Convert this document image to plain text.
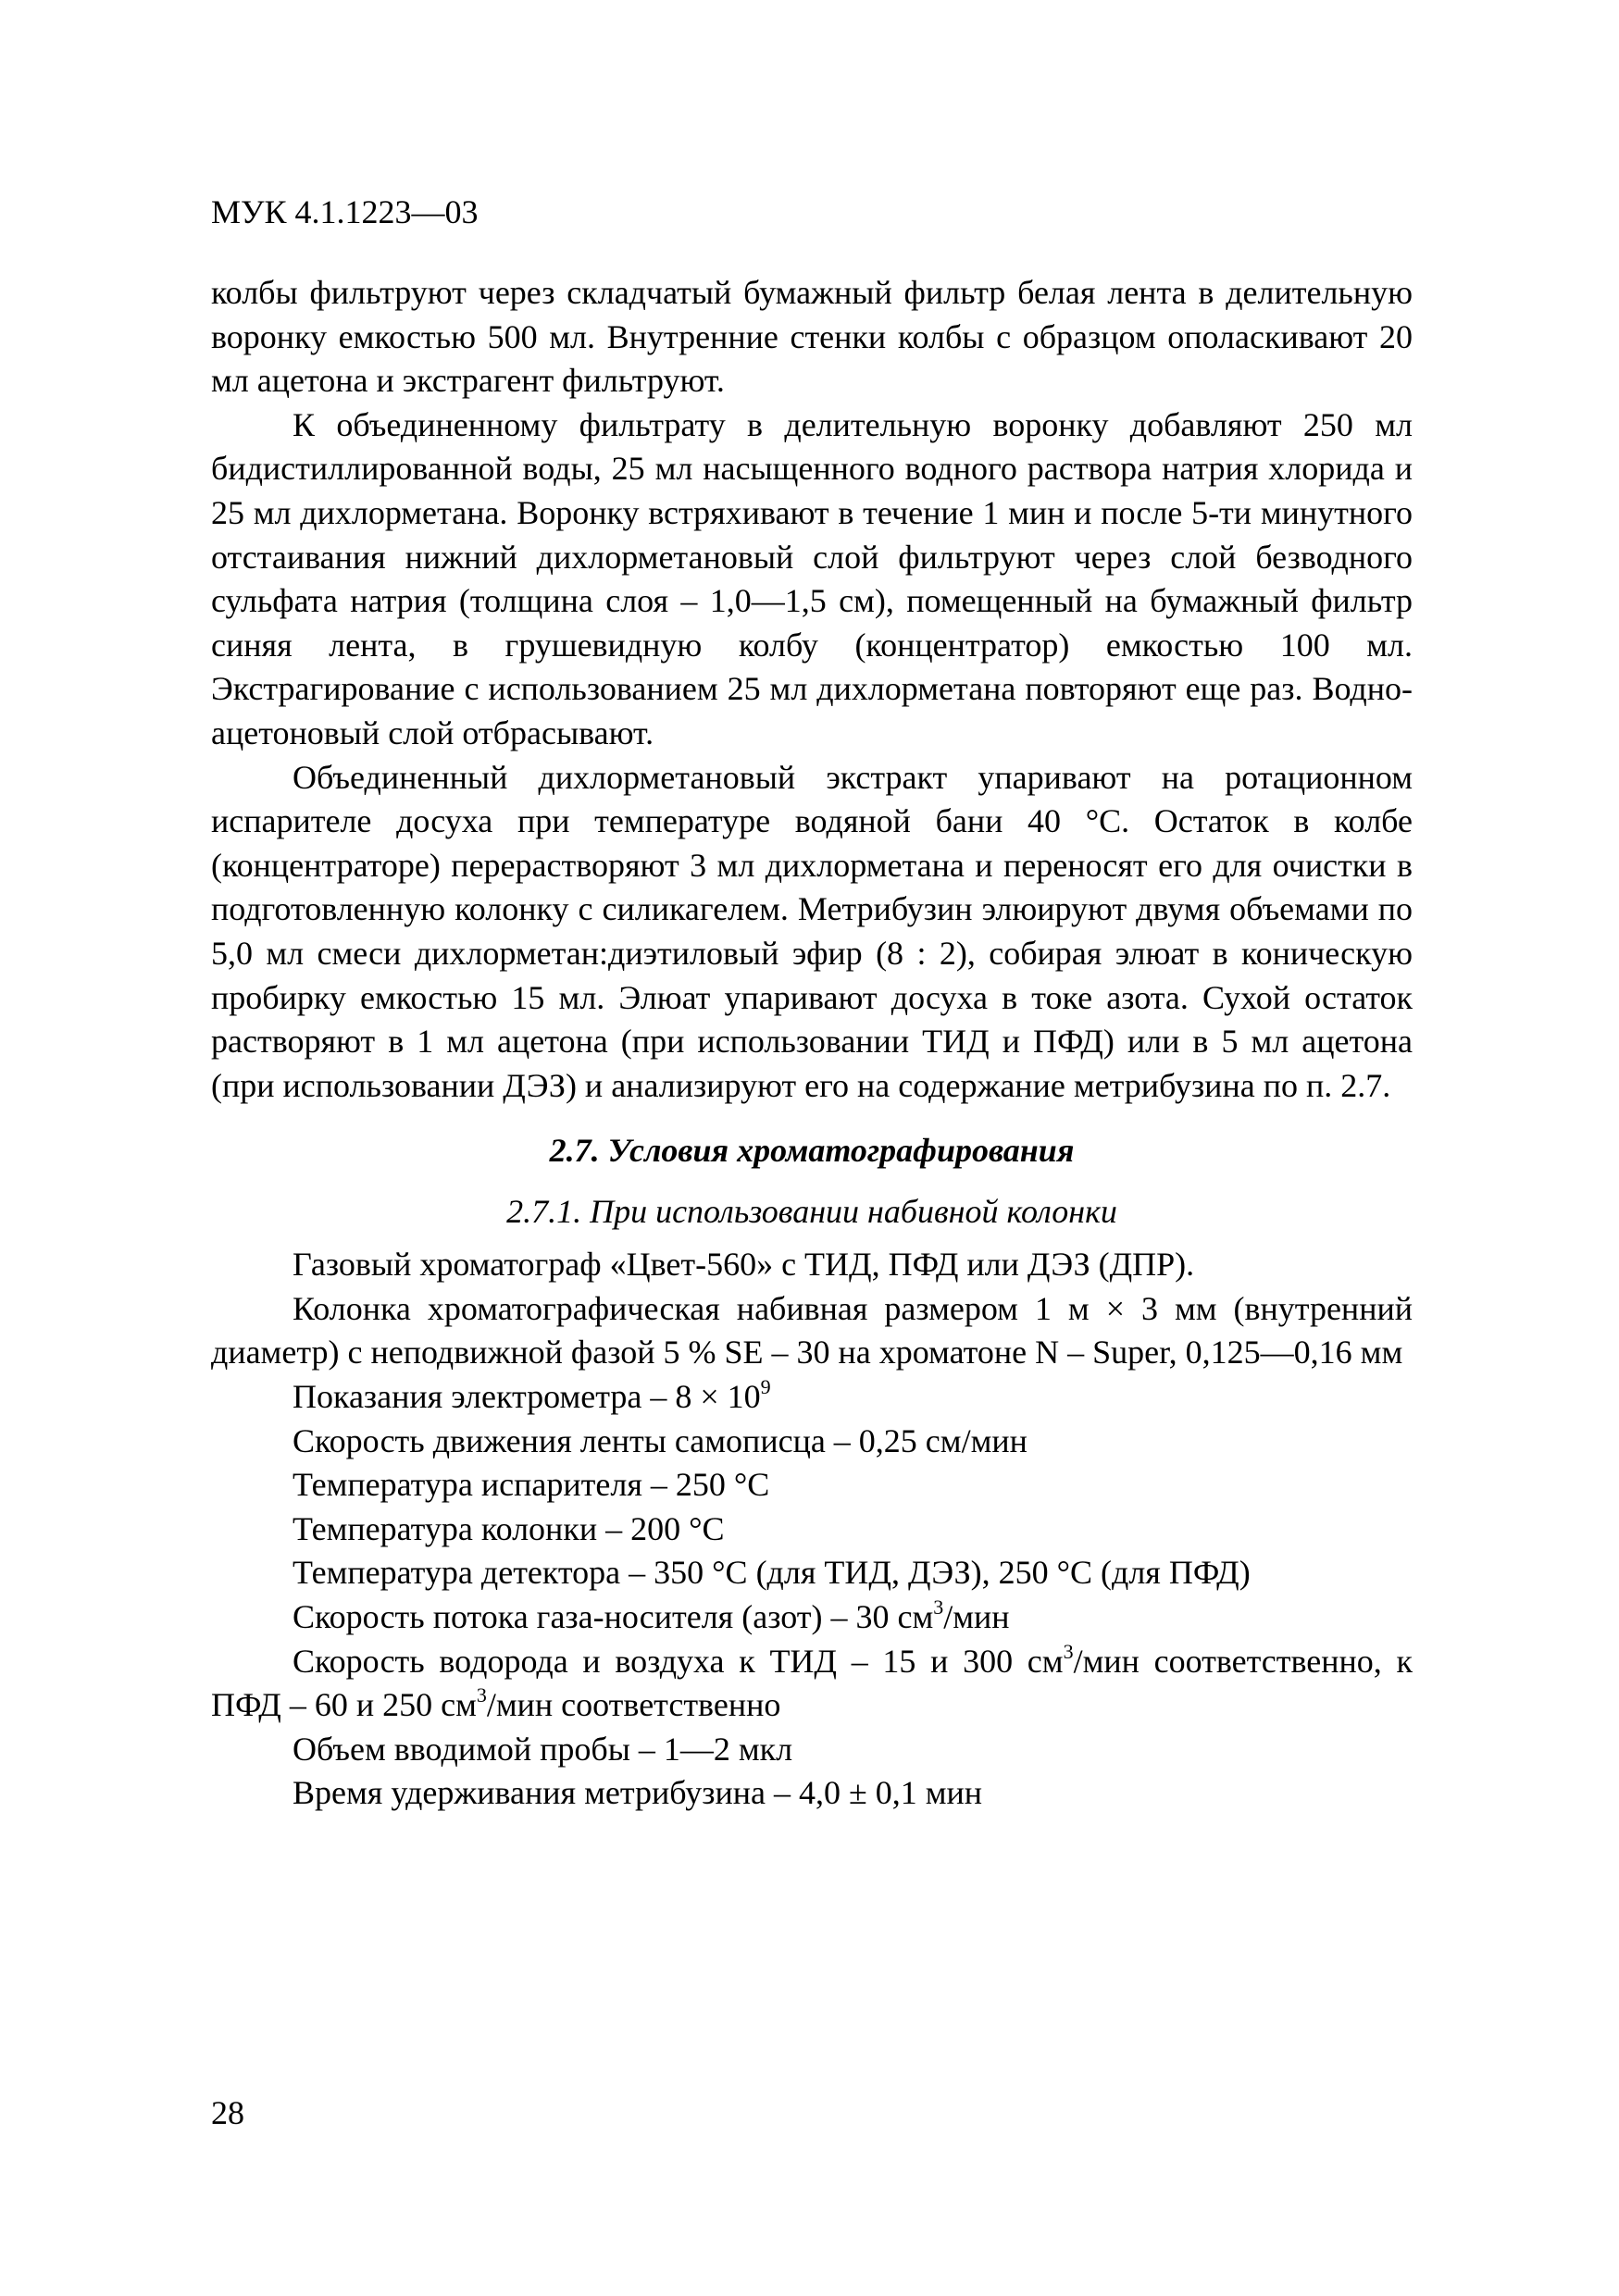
МУК 4.1.1223—03

колбы фильтруют через складчатый бумажный фильтр белая лента в делительную воронку емкостью 500 мл. Внутренние стенки колбы с образцом ополаскивают 20 мл ацетона и экстрагент фильтруют.

К объединенному фильтрату в делительную воронку добавляют 250 мл бидистиллированной воды, 25 мл насыщенного водного раствора натрия хлорида и 25 мл дихлорметана. Воронку встряхивают в течение 1 мин и после 5-ти минутного отстаивания нижний дихлорметановый слой фильтруют через слой безводного сульфата натрия (толщина слоя – 1,0—1,5 см), помещенный на бумажный фильтр синяя лента, в грушевидную колбу (концентратор) емкостью 100 мл. Экстрагирование с использованием 25 мл дихлорметана повторяют еще раз. Водно-ацетоновый слой отбрасывают.

Объединенный дихлорметановый экстракт упаривают на ротационном испарителе досуха при температуре водяной бани 40 °C. Остаток в колбе (концентраторе) перерастворяют 3 мл дихлорметана и переносят его для очистки в подготовленную колонку с силикагелем. Метрибузин элюируют двумя объемами по 5,0 мл смеси дихлорметан:диэтиловый эфир (8 : 2), собирая элюат в коническую пробирку емкостью 15 мл. Элюат упаривают досуха в токе азота. Сухой остаток растворяют в 1 мл ацетона (при использовании ТИД и ПФД) или в 5 мл ацетона (при использовании ДЭЗ) и анализируют его на содержание метрибузина по п. 2.7.

2.7. Условия хроматографирования

2.7.1. При использовании набивной колонки

Газовый хроматограф «Цвет-560» с ТИД, ПФД или ДЭЗ (ДПР).

Колонка хроматографическая набивная размером 1 м × 3 мм (внутренний диаметр) с неподвижной фазой 5 % SE – 30 на хроматоне N – Super, 0,125—0,16 мм

Показания электрометра – $8 \times 10^9$

Скорость движения ленты самописца – 0,25 см/мин

Температура испарителя – 250 °C

Температура колонки – 200 °C

Температура детектора – 350 °C (для ТИД, ДЭЗ), 250 °C (для ПФД)

Скорость потока газа-носителя (азот) – 30 $см^3$/мин

Скорость водорода и воздуха к ТИД – 15 и 300 $см^3$/мин соответственно, к ПФД – 60 и 250 $см^3$/мин соответственно

Объем вводимой пробы – 1—2 мкл

Время удерживания метрибузина – 4,0 ± 0,1 мин

28
